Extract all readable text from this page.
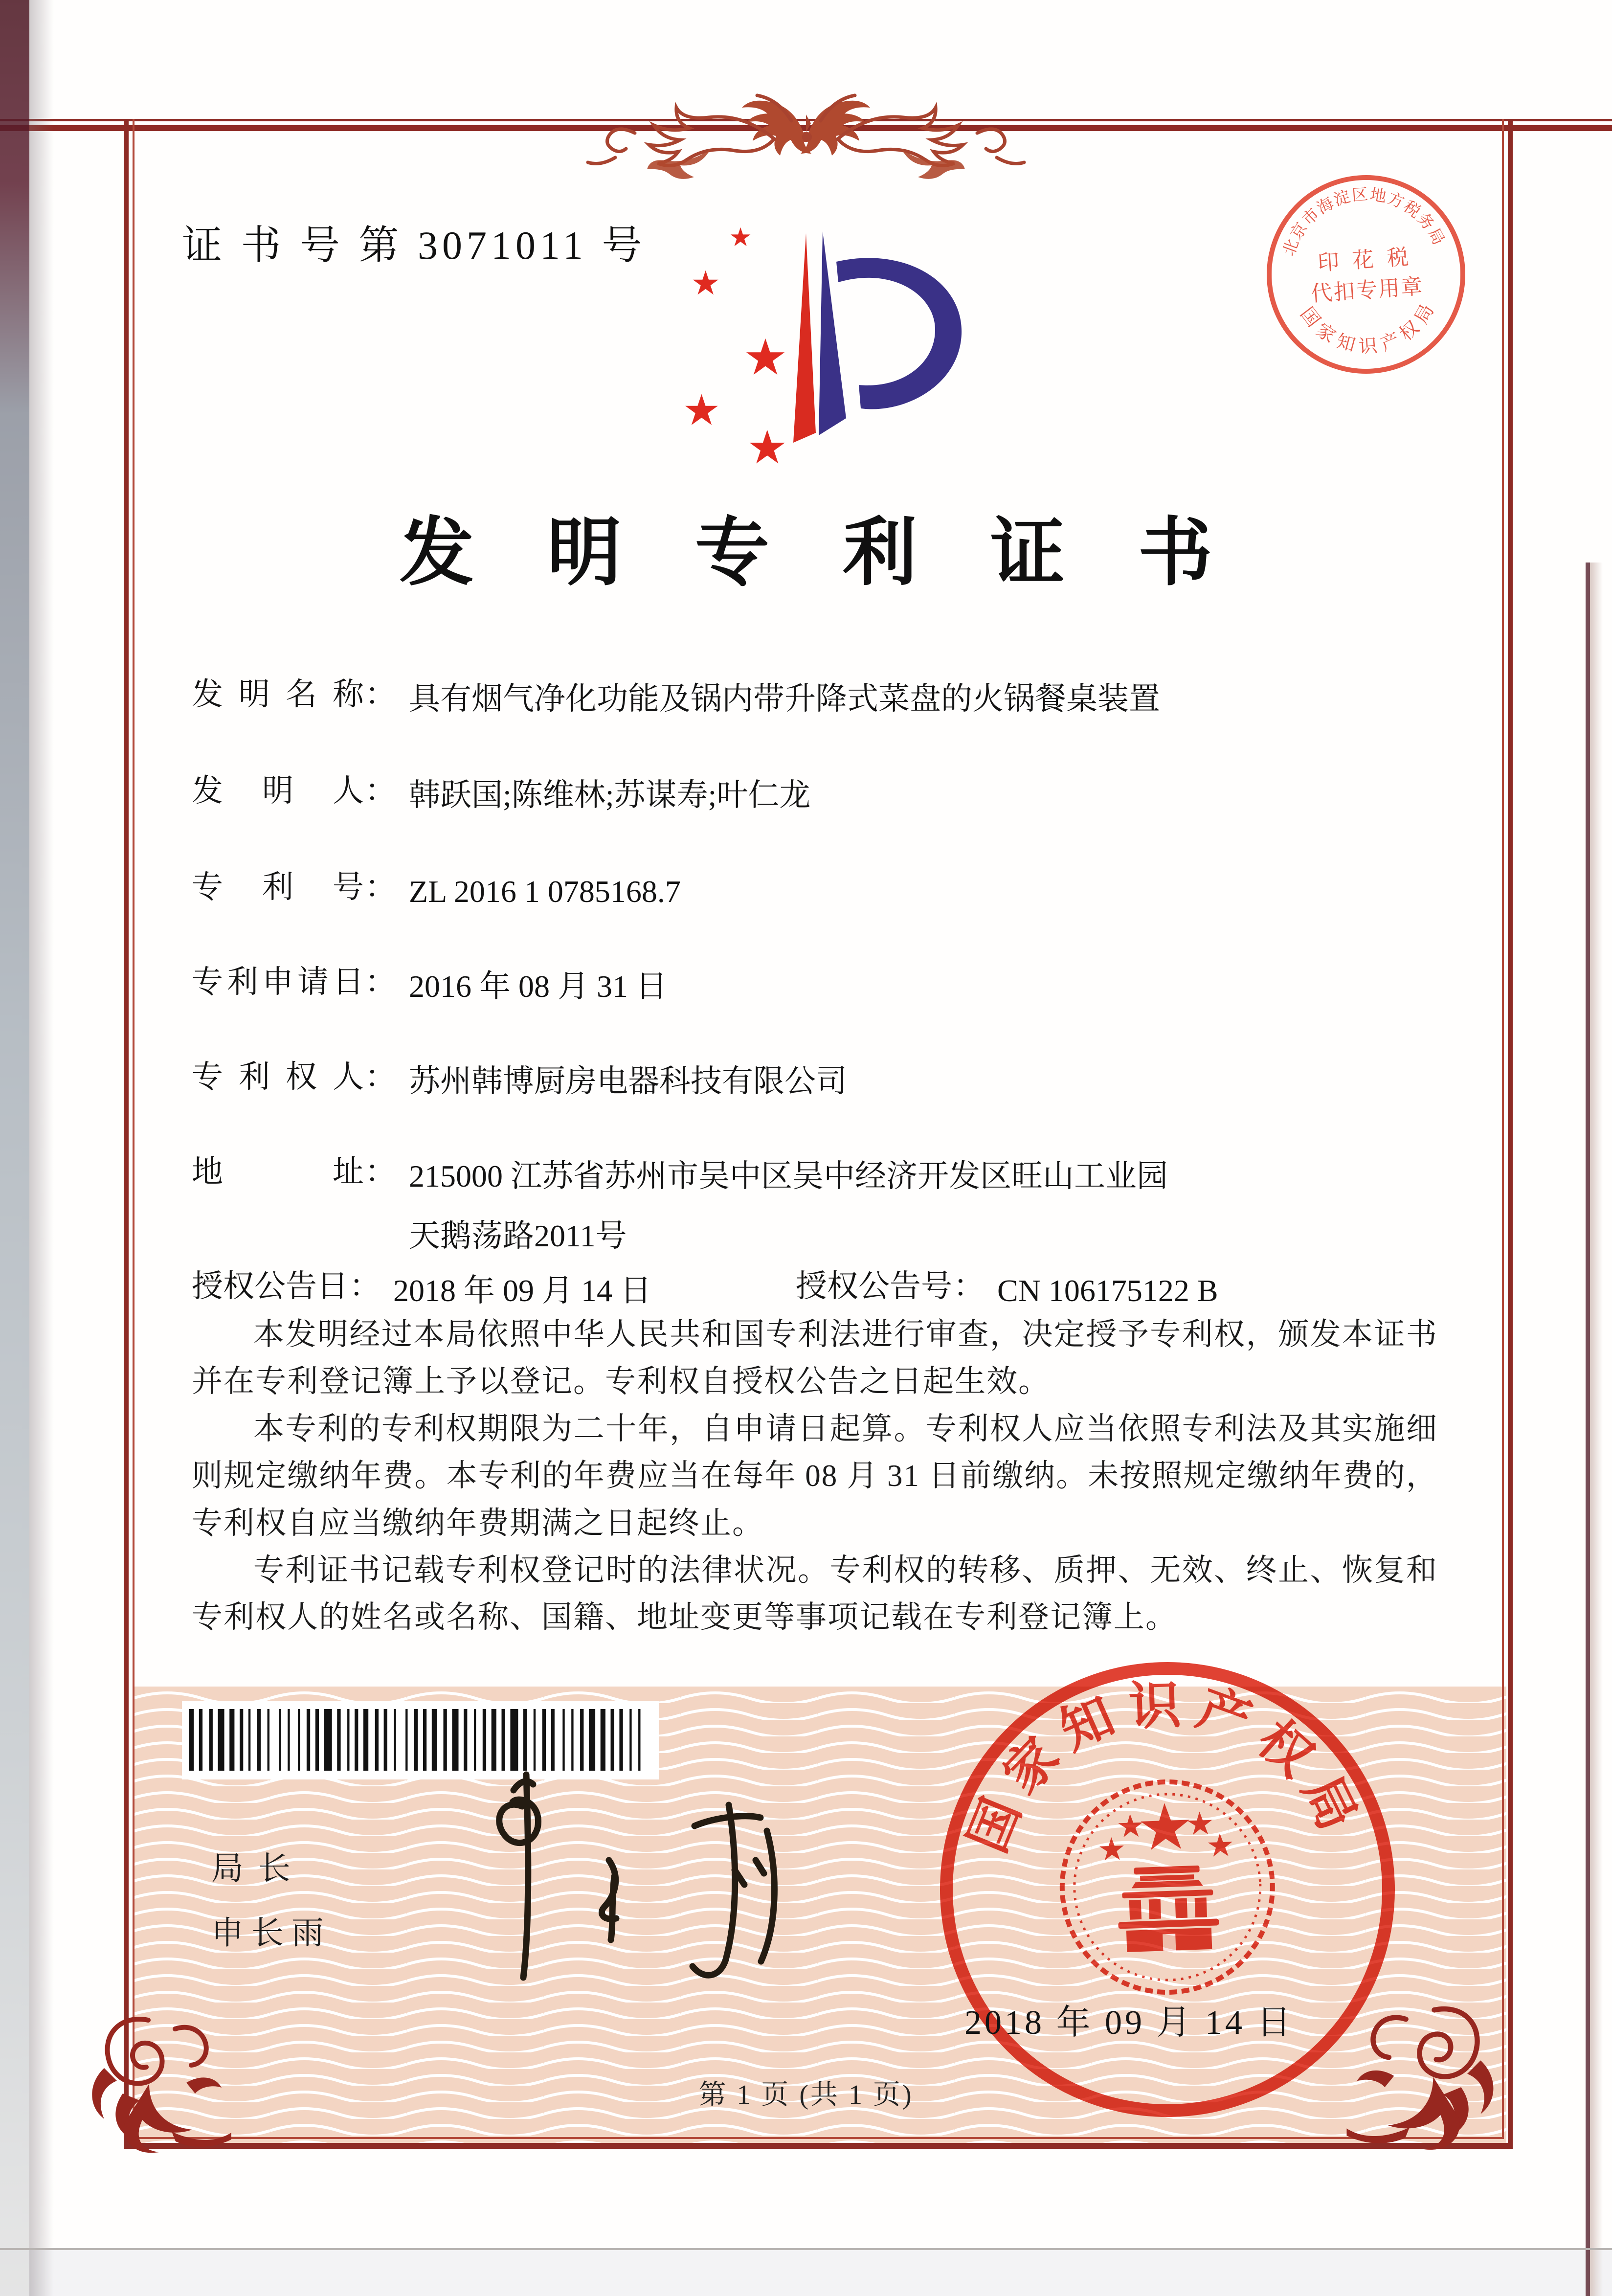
证 书 号 第 3071011 号
发 明 专 利 证 书
发明名称： 具有烟气净化功能及锅内带升降式菜盘的火锅餐桌装置
发明人： 韩跃国;陈维林;苏谋寿;叶仁龙
专利号： ZL 2016 1 0785168.7
专利申请日： 2016 年 08 月 31 日
专利权人： 苏州韩博厨房电器科技有限公司
地址： 215000 江苏省苏州市吴中区吴中经济开发区旺山工业园
天鹅荡路2011号
授权公告日： 2018 年 09 月 14 日	授权公告号： CN 106175122 B

本发明经过本局依照中华人民共和国专利法进行审查，决定授予专利权，颁发本证书并在专利登记簿上予以登记。专利权自授权公告之日起生效。

本专利的专利权期限为二十年，自申请日起算。专利权人应当依照专利法及其实施细则规定缴纳年费。本专利的年费应当在每年 08 月 31 日前缴纳。未按照规定缴纳年费的，专利权自应当缴纳年费期满之日起终止。

专利证书记载专利权登记时的法律状况。专利权的转移、质押、无效、终止、恢复和专利权人的姓名或名称、国籍、地址变更等事项记载在专利登记簿上。

局长
申长雨
国家知识产权局
2018 年 09 月 14 日
北京市海淀区地方税务局
国家知识产权局
印 花 税
代扣专用章
第 1 页 (共 1 页)
